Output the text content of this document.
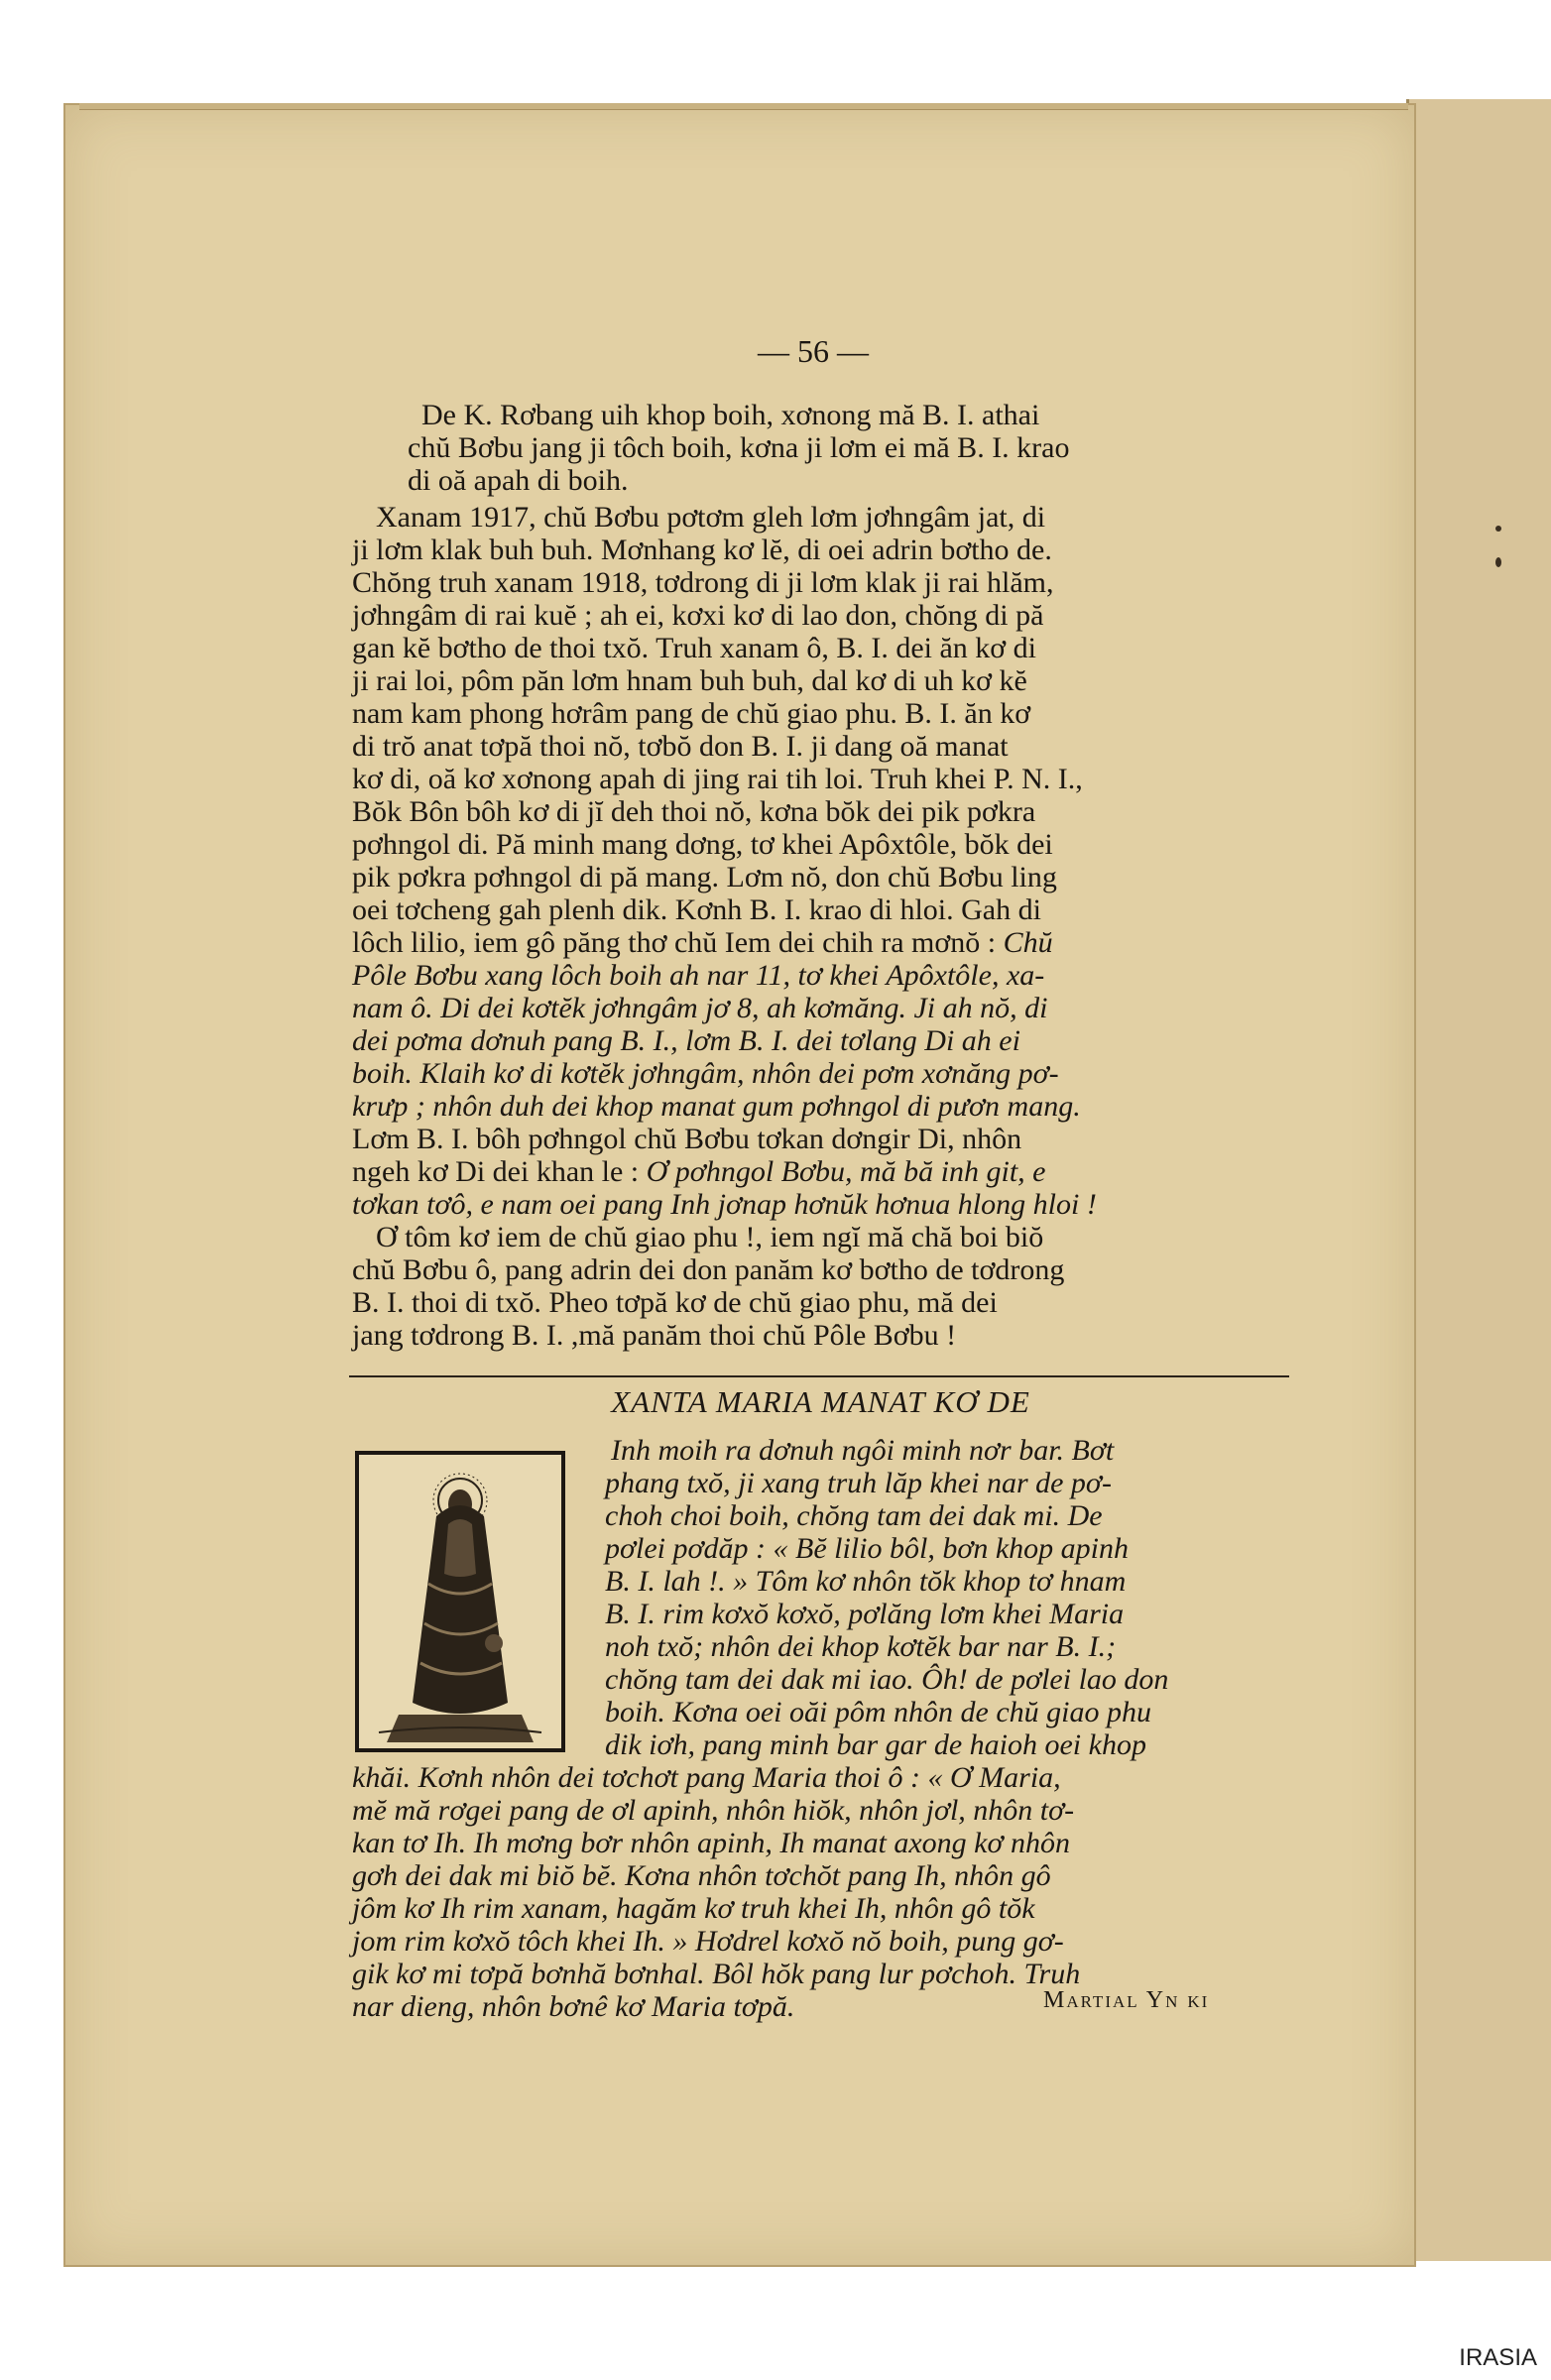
— 56 —
De K. Rơbang uih khop boih, xơnong mă B. I. athai
chŭ Bơbu jang ji tôch boih, kơna ji lơm ei mă B. I. krao
di oă apah di boih.
Xanam 1917, chŭ Bơbu pơtơm gleh lơm jơhngâm jat, di
ji lơm klak buh buh. Mơnhang kơ lĕ, di oei adrin bơtho de.
Chŏng truh xanam 1918, tơdrong di ji lơm klak ji rai hlăm,
jơhngâm di rai kuĕ ; ah ei, kơxi kơ di lao don, chŏng di pă
gan kĕ bơtho de thoi txŏ. Truh xanam ô, B. I. dei ăn kơ di
ji rai loi, pôm păn lơm hnam buh buh, dal kơ di uh kơ kĕ
nam kam phong hơrâm pang de chŭ giao phu. B. I. ăn kơ
di trŏ anat tơpă thoi nŏ, tơbŏ don B. I. ji dang oă manat
kơ di, oă kơ xơnong apah di jing rai tih loi. Truh khei P. N. I.,
Bŏk Bôn bôh kơ di jĭ deh thoi nŏ, kơna bŏk dei pik pơkra
pơhngol di. Pă minh mang dơng, tơ khei Apôxtôle, bŏk dei
pik pơkra pơhngol di pă mang. Lơm nŏ, don chŭ Bơbu ling
oei tơcheng gah plenh dik. Kơnh B. I. krao di hloi. Gah di
lôch lilio, iem gô păng thơ chŭ Iem dei chih ra mơnŏ : Chŭ
Pôle Bơbu xang lôch boih ah nar 11, tơ khei Apôxtôle, xa-
nam ô. Di dei kơtĕk jơhngâm jơ 8, ah kơmăng. Ji ah nŏ, di
dei pơma dơnuh pang B. I., lơm B. I. dei tơlang Di ah ei
boih. Klaih kơ di kơtĕk jơhngâm, nhôn dei pơm xơnăng pơ-
krưp ; nhôn duh dei khop manat gum pơhngol di pươn mang.
Lơm B. I. bôh pơhngol chŭ Bơbu tơkan dơngir Di, nhôn
ngeh kơ Di dei khan le : Ơ pơhngol Bơbu, mă bă inh git, e
tơkan tơô, e nam oei pang Inh jơnap hơnŭk hơnua hlong hloi !
Ơ tôm kơ iem de chŭ giao phu !, iem ngĭ mă chă boi biŏ
chŭ Bơbu ô, pang adrin dei don panăm kơ bơtho de tơdrong
B. I. thoi di txŏ. Pheo tơpă kơ de chŭ giao phu, mă dei
jang tơdrong B. I. ,mă panăm thoi chŭ Pôle Bơbu !
XANTA MARIA MANAT KƠ DE
Inh moih ra dơnuh ngôi minh nơr bar. Bơt
phang txŏ, ji xang truh lăp khei nar de pơ-
choh choi boih, chŏng tam dei dak mi. De
pơlei pơdăp : « Bĕ lilio bôl, bơn khop apinh
B. I. lah !. » Tôm kơ nhôn tŏk khop tơ hnam
B. I. rim kơxŏ kơxŏ, pơlăng lơm khei Maria
noh txŏ; nhôn dei khop kơtĕk bar nar B. I.;
chŏng tam dei dak mi iao. Ôh! de pơlei lao don
boih. Kơna oei oăi pôm nhôn de chŭ giao phu
dik iơh, pang minh bar gar de haioh oei khop
khăi. Kơnh nhôn dei tơchơt pang Maria thoi ô : « Ơ Maria,
mĕ mă rơgei pang de ơl apinh, nhôn hiŏk, nhôn jơl, nhôn tơ-
kan tơ Ih. Ih mơng bơr nhôn apinh, Ih manat axong kơ nhôn
gơh dei dak mi biŏ bĕ. Kơna nhôn tơchŏt pang Ih, nhôn gô
jôm kơ Ih rim xanam, hagăm kơ truh khei Ih, nhôn gô tŏk
jom rim kơxŏ tôch khei Ih. » Hơdrel kơxŏ nŏ boih, pung gơ-
gik kơ mi tơpă bơnhă bơnhal. Bôl hŏk pang lur pơchoh. Truh
nar dieng, nhôn bơnê kơ Maria tơpă.	Martial Yn ki
IRASIA
